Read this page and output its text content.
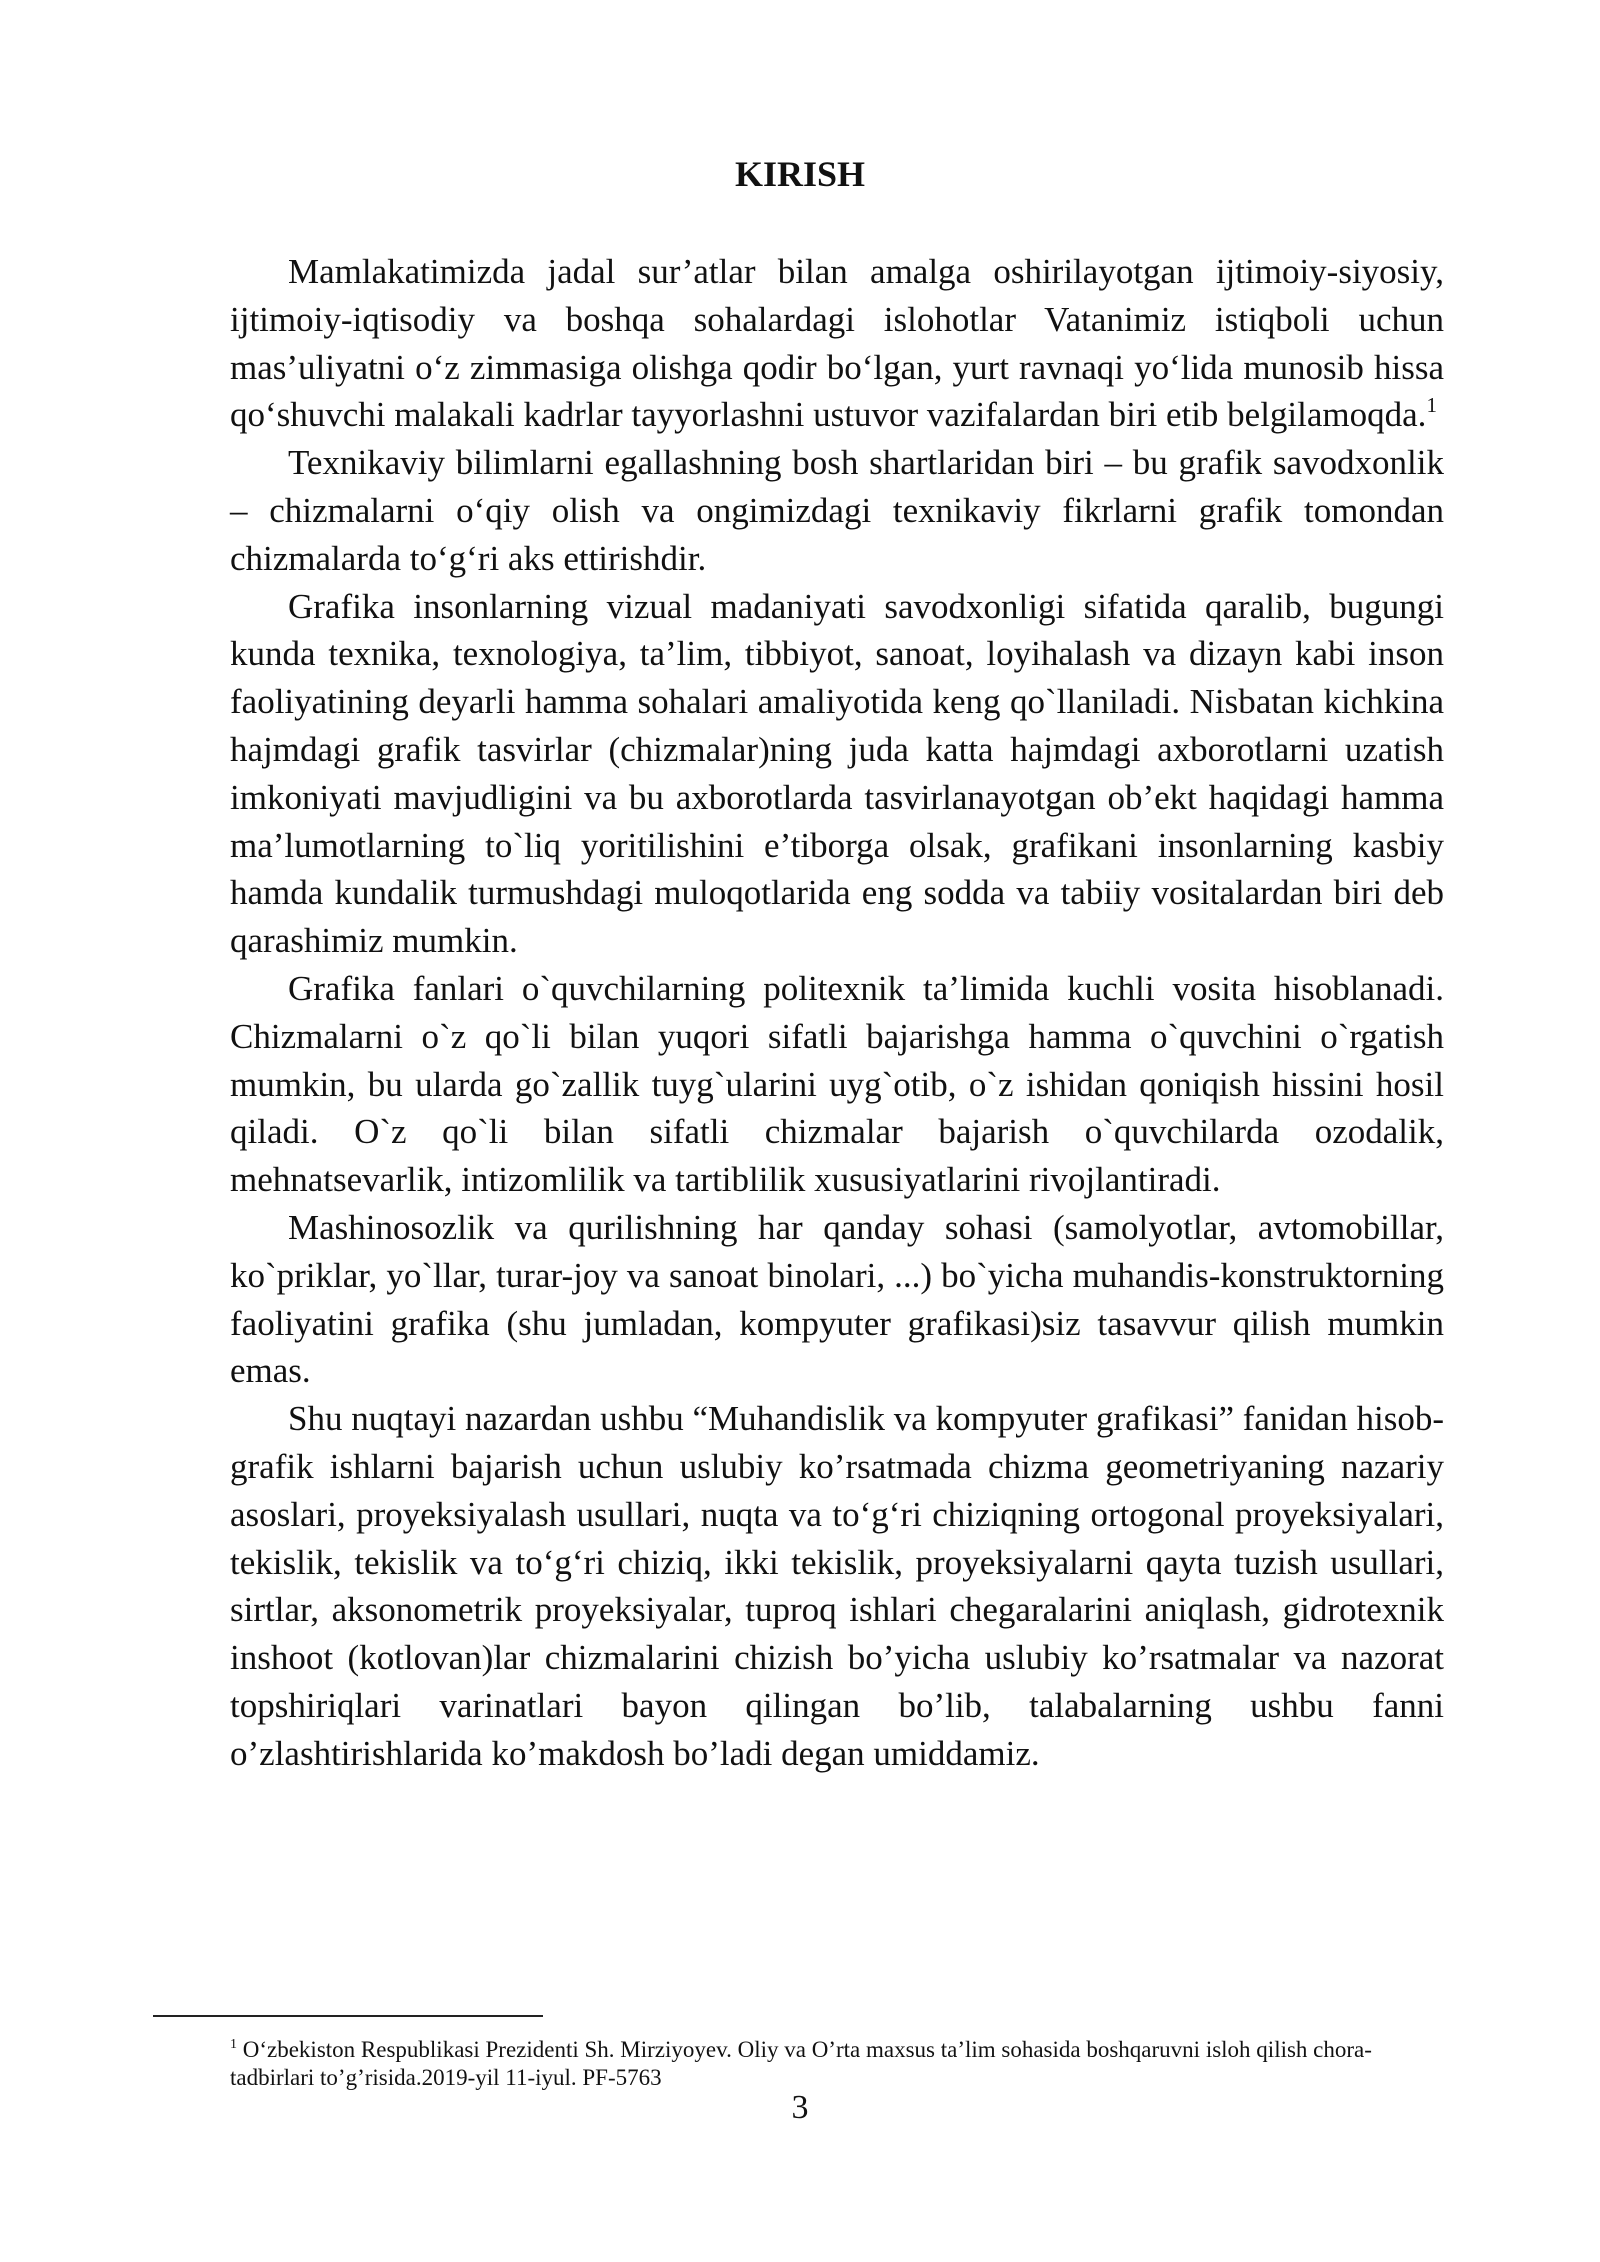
KIRISH

Mamlakatimizda jadal sur’atlar bilan amalga oshirilayotgan ijtimoiy-siyosiy, ijtimoiy-iqtisodiy va boshqa sohalardagi islohotlar Vatanimiz istiqboli uchun mas’uliyatni o‘z zimmasiga olishga qodir bo‘lgan, yurt ravnaqi yo‘lida munosib hissa qo‘shuvchi malakali kadrlar tayyorlashni ustuvor vazifalardan biri etib belgilamoqda.$^1$

Texnikaviy bilimlarni egallashning bosh shartlaridan biri – bu grafik savodxonlik – chizmalarni o‘qiy olish va ongimizdagi texnikaviy fikrlarni grafik tomondan chizmalarda to‘g‘ri aks ettirishdir.

Grafika insonlarning vizual madaniyati savodxonligi sifatida qaralib, bugungi kunda texnika, texnologiya, ta’lim, tibbiyot, sanoat, loyihalash va dizayn kabi inson faoliyatining deyarli hamma sohalari amaliyotida keng qo`llaniladi. Nisbatan kichkina hajmdagi grafik tasvirlar (chizmalar)ning juda katta hajmdagi axborotlarni uzatish imkoniyati mavjudligini va bu axborotlarda tasvirlanayotgan ob’ekt haqidagi hamma ma’lumotlarning to`liq yoritilishini e’tiborga olsak, grafikani insonlarning kasbiy hamda kundalik turmushdagi muloqotlarida eng sodda va tabiiy vositalardan biri deb qarashimiz mumkin.

Grafika fanlari o`quvchilarning politexnik ta’limida kuchli vosita hisoblanadi. Chizmalarni o`z qo`li bilan yuqori sifatli bajarishga hamma o`quvchini o`rgatish mumkin, bu ularda go`zallik tuyg`ularini uyg`otib, o`z ishidan qoniqish hissini hosil qiladi. O`z qo`li bilan sifatli chizmalar bajarish o`quvchilarda ozodalik, mehnatsevarlik, intizomlilik va tartiblilik xususiyatlarini rivojlantiradi.

Mashinosozlik va qurilishning har qanday sohasi (samolyotlar, avtomobillar, ko`priklar, yo`llar, turar-joy va sanoat binolari, ...) bo`yicha muhandis-konstruktorning faoliyatini grafika (shu jumladan, kompyuter grafikasi)siz tasavvur qilish mumkin emas.

Shu nuqtayi nazardan ushbu “Muhandislik va kompyuter grafikasi” fanidan hisob-grafik ishlarni bajarish uchun uslubiy ko’rsatmada chizma geometriyaning nazariy asoslari, proyeksiyalash usullari, nuqta va to‘g‘ri chiziqning ortogonal proyeksiyalari, tekislik, tekislik va to‘g‘ri chiziq, ikki tekislik, proyeksiyalarni qayta tuzish usullari, sirtlar, aksonometrik proyeksiyalar, tuproq ishlari chegaralarini aniqlash, gidrotexnik inshoot (kotlovan)lar chizmalarini chizish bo’yicha uslubiy ko’rsatmalar va nazorat topshiriqlari varinatlari bayon qilingan bo’lib, talabalarning ushbu fanni o’zlashtirishlarida ko’makdosh bo’ladi degan umiddamiz.

$^1$ O‘zbekiston Respublikasi Prezidenti Sh. Mirziyoyev. Oliy va O’rta maxsus ta’lim sohasida boshqaruvni isloh qilish chora-tadbirlari to’g’risida.2019-yil 11-iyul. PF-5763

3
